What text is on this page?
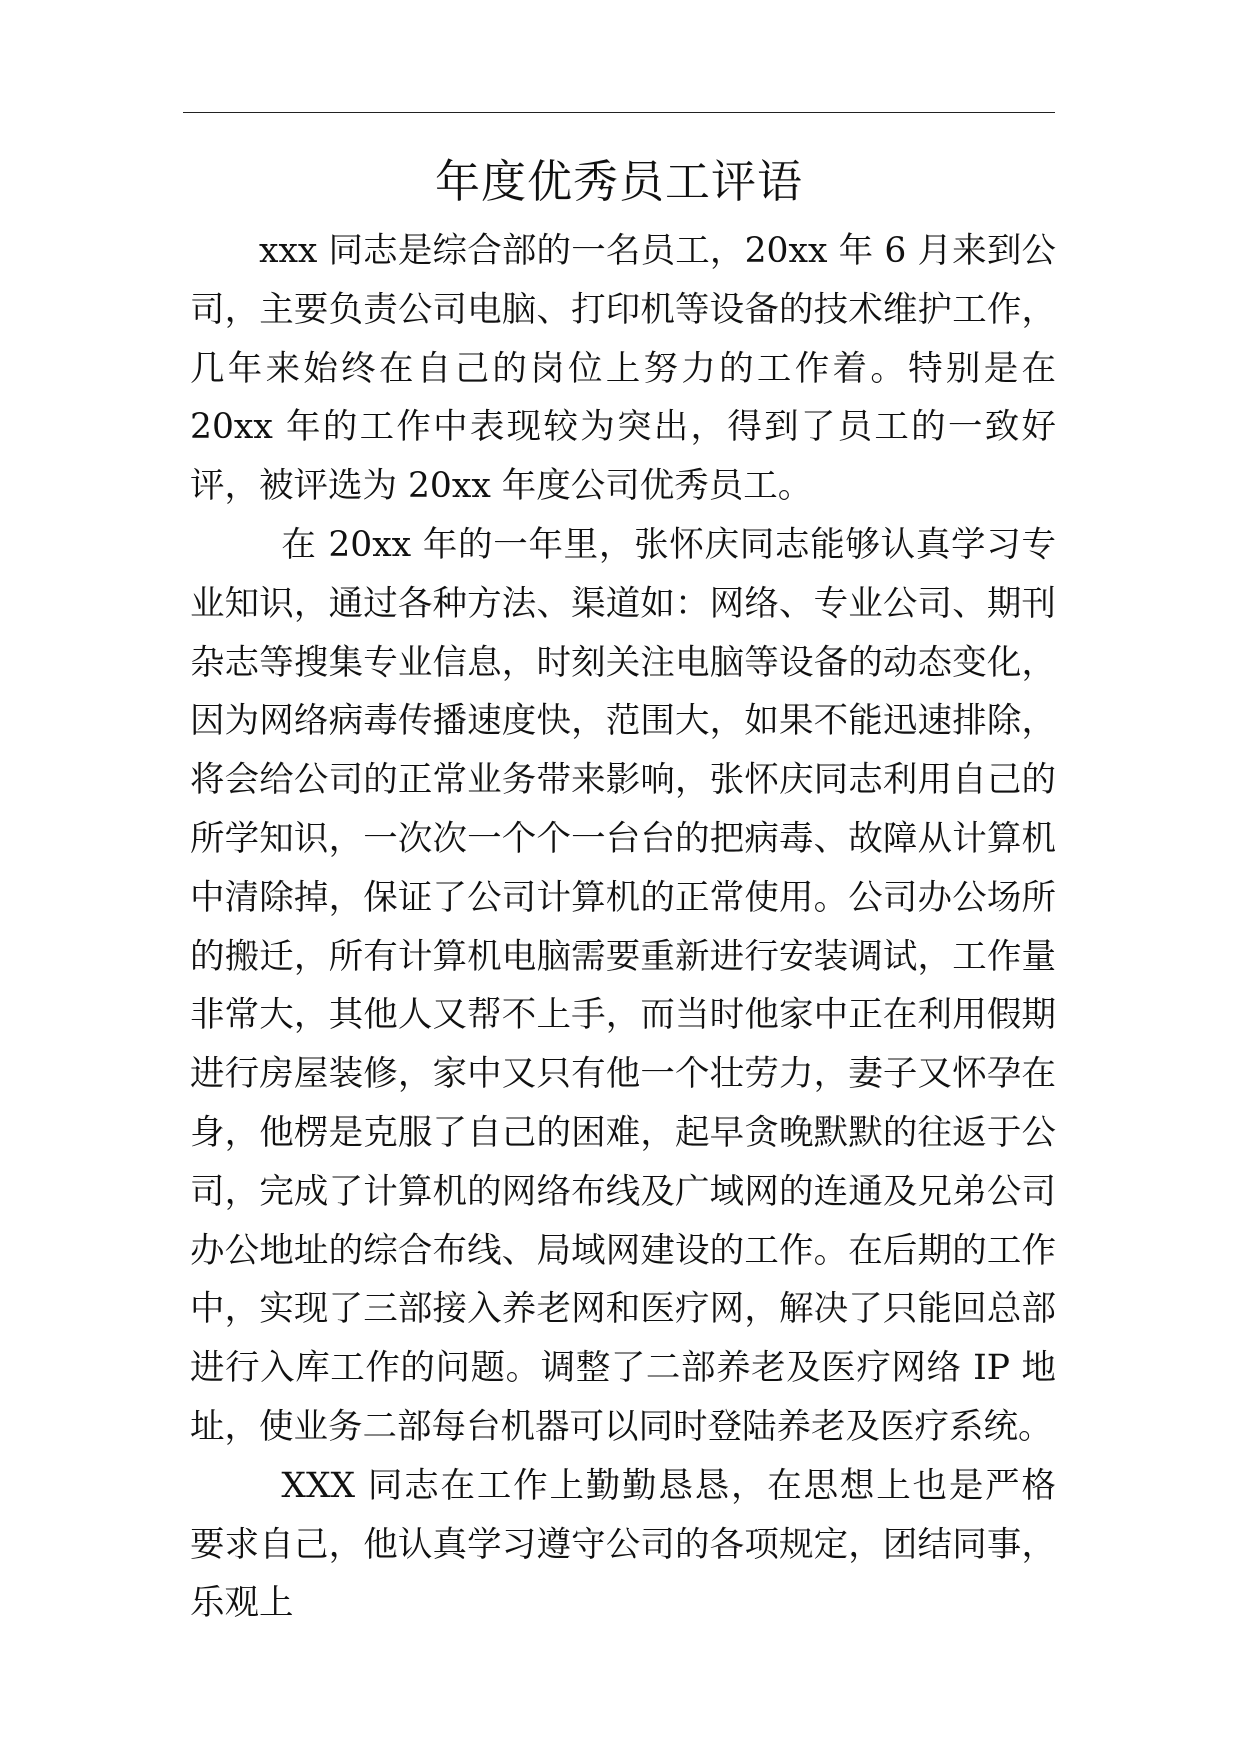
年度优秀员工评语

xxx 同志是综合部的一名员工，20xx 年 6 月来到公司，主要负责公司电脑、打印机等设备的技术维护工作，几年来始终在自己的岗位上努力的工作着。特别是在 20xx 年的工作中表现较为突出，得到了员工的一致好评，被评选为 20xx 年度公司优秀员工。

在 20xx 年的一年里，张怀庆同志能够认真学习专业知识，通过各种方法、渠道如：网络、专业公司、期刊杂志等搜集专业信息，时刻关注电脑等设备的动态变化，因为网络病毒传播速度快，范围大，如果不能迅速排除，将会给公司的正常业务带来影响，张怀庆同志利用自己的所学知识，一次次一个个一台台的把病毒、故障从计算机中清除掉，保证了公司计算机的正常使用。公司办公场所的搬迁，所有计算机电脑需要重新进行安装调试，工作量非常大，其他人又帮不上手，而当时他家中正在利用假期进行房屋装修，家中又只有他一个壮劳力，妻子又怀孕在身，他楞是克服了自己的困难，起早贪晚默默的往返于公司，完成了计算机的网络布线及广域网的连通及兄弟公司办公地址的综合布线、局域网建设的工作。在后期的工作中，实现了三部接入养老网和医疗网，解决了只能回总部进行入库工作的问题。调整了二部养老及医疗网络 IP 地址，使业务二部每台机器可以同时登陆养老及医疗系统。

XXX 同志在工作上勤勤恳恳，在思想上也是严格要求自己，他认真学习遵守公司的各项规定，团结同事，乐观上
